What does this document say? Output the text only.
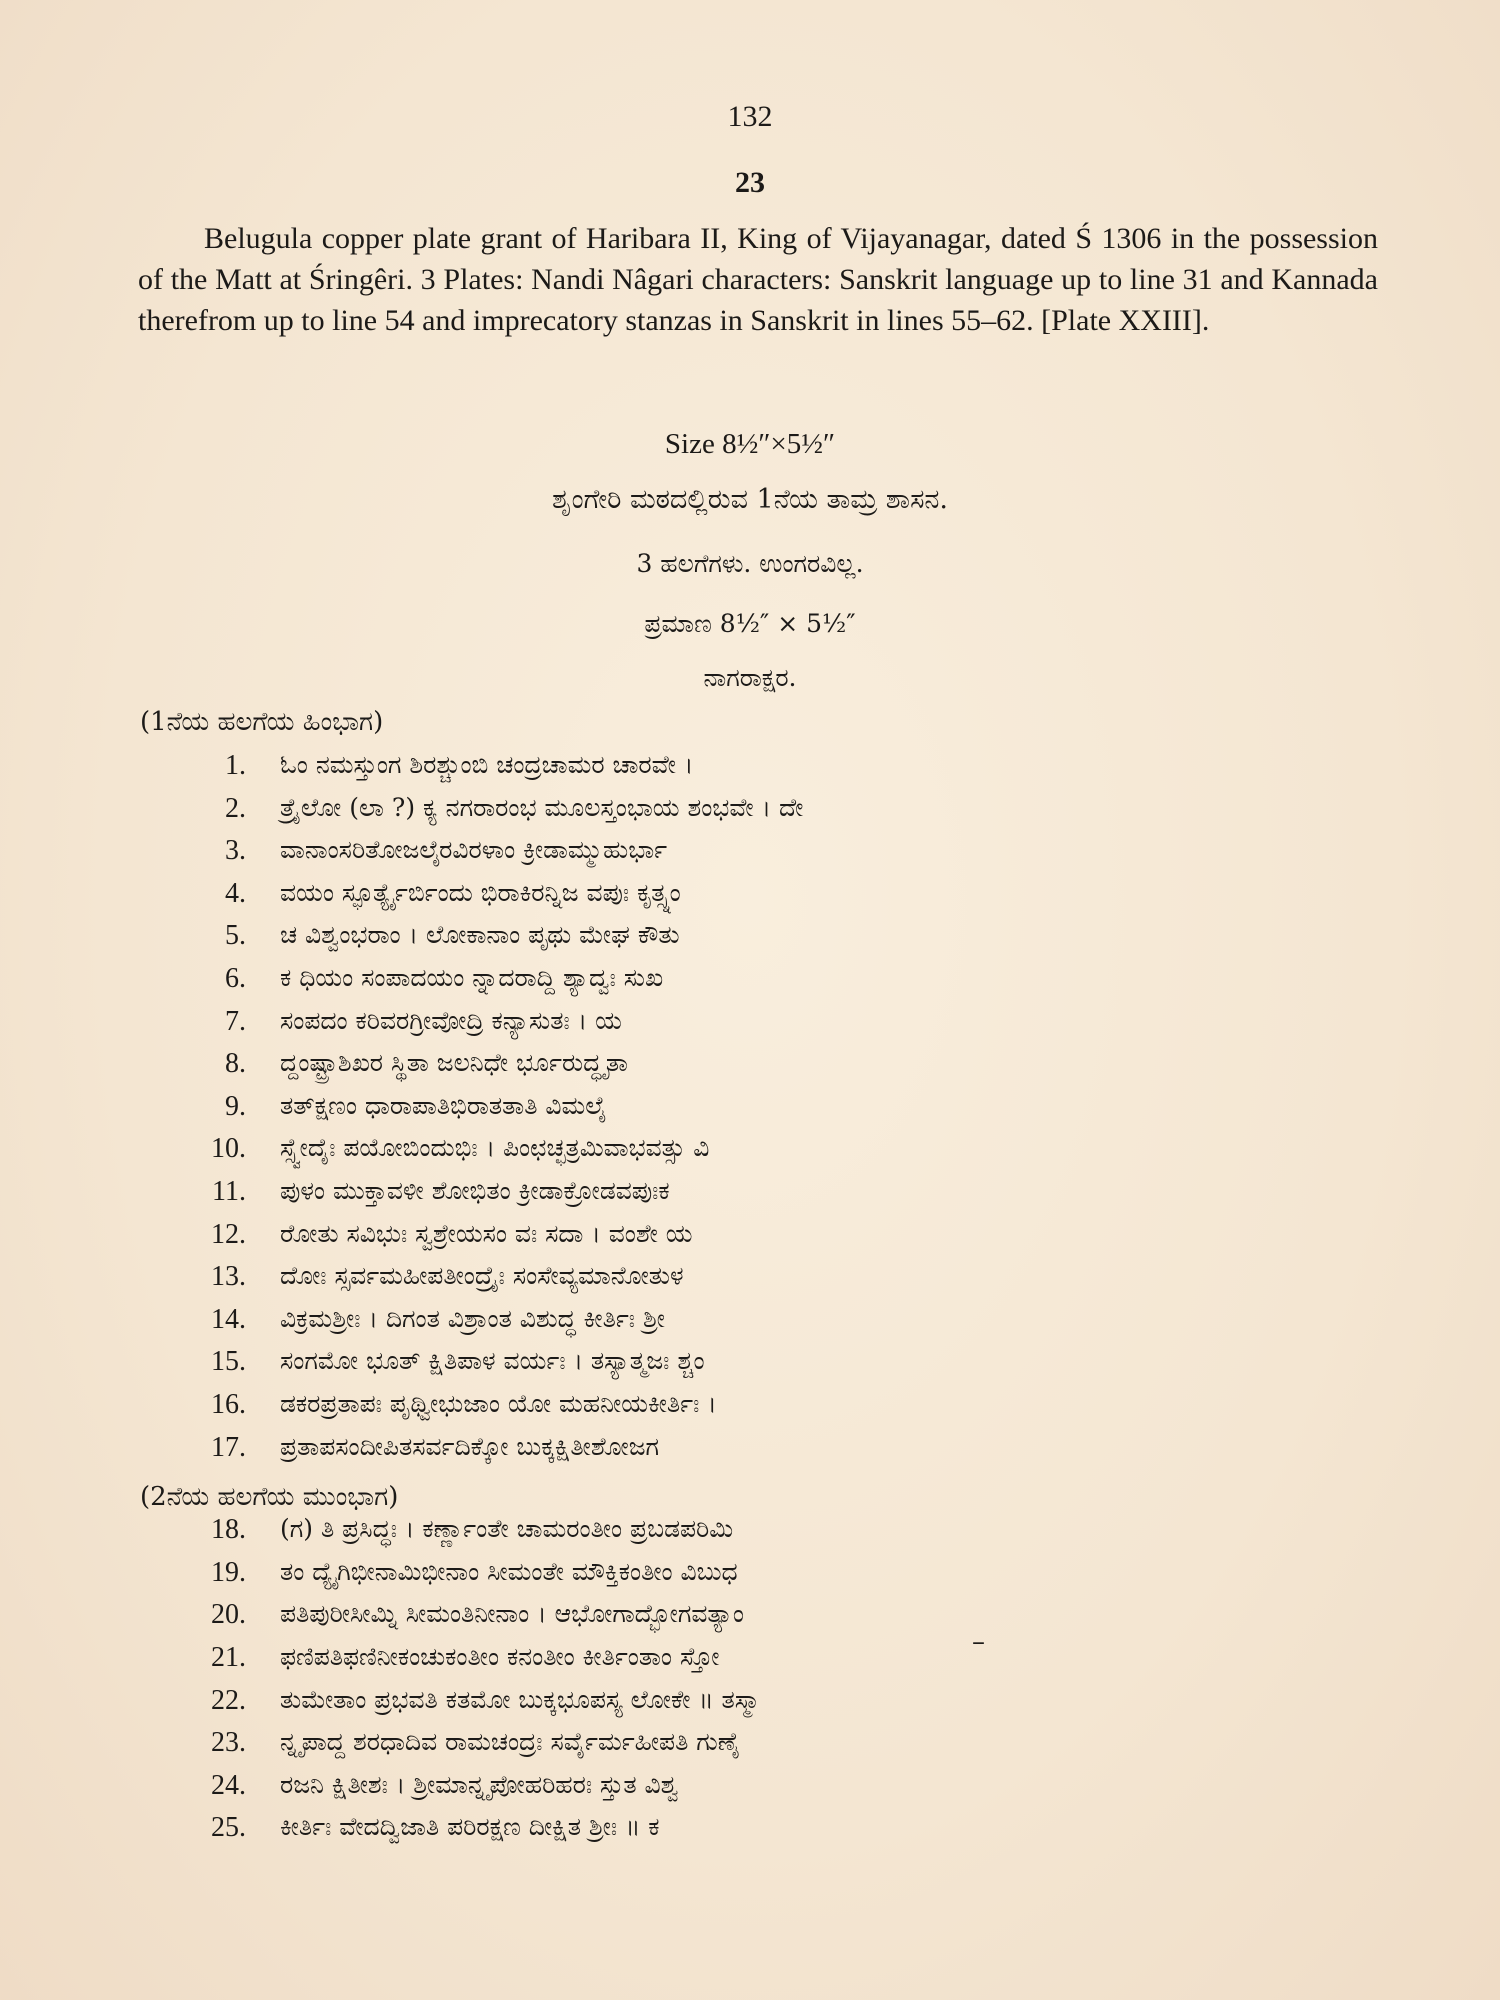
132
23
Belugula copper plate grant of Haribara II, King of Vijayanagar, dated Ś 1306 in the possession of the Matt at Śringêri. 3 Plates: Nandi Nâgari characters: Sanskrit language up to line 31 and Kannada therefrom up to line 54 and imprecatory stanzas in Sanskrit in lines 55–62. [Plate XXIII].
Size 8½″×5½″
ಶೃಂಗೇರಿ ಮಠದಲ್ಲಿರುವ 1ನೆಯ ತಾಮ್ರ ಶಾಸನ.
3 ಹಲಗೆಗಳು. ಉಂಗರವಿಲ್ಲ.
ಪ್ರಮಾಣ 8½″ × 5½″
ನಾಗರಾಕ್ಷರ.
(1ನೆಯ ಹಲಗೆಯ ಹಿಂಭಾಗ)
(2ನೆಯ ಹಲಗೆಯ ಮುಂಭಾಗ)
1. ಓಂ ನಮಸ್ತುಂಗ ಶಿರಶ್ಚುಂಬಿ ಚಂದ್ರಚಾಮರ ಚಾರವೇ ।
2. ತ್ರೈಲೋ (ಲಾ ?) ಕ್ಯ ನಗರಾರಂಭ ಮೂಲಸ್ತಂಭಾಯ ಶಂಭವೇ । ದೇ
3. ವಾನಾಂಸರಿತೋಜಲೈರವಿರಳಾಂ ಕ್ರೀಡಾಮ್ಮುಹುರ್ಭಾ
4. ವಯಂ ಸ್ಫೂರ್ತ್ಯೈರ್ಬಿಂದು ಭಿರಾಕಿರನ್ನಿಜ ವಪುಃ ಕೃತ್ಸ್ನಂ
5. ಚ ವಿಶ್ವಂಭರಾಂ । ಲೋಕಾನಾಂ ಪೃಥು ಮೇಘ ಕೌತು
6. ಕ ಧಿಯಂ ಸಂಪಾದಯಂ ನ್ನಾದರಾದ್ದಿ ಶ್ಯಾದ್ವಃ ಸುಖ
7. ಸಂಪದಂ ಕರಿವರಗ್ರೀವೋದ್ರಿ ಕನ್ಯಾಸುತಃ । ಯ
8. ದ್ದಂಷ್ಟ್ರಾಶಿಖರ ಸ್ಥಿತಾ ಜಲನಿಧೇ ರ್ಭೂರುದ್ಧೃತಾ
9. ತತ್ಕ್ಷಣಂ ಧಾರಾಪಾತಿಭಿರಾತತಾತಿ ವಿಮಲೈ
10. ಸ್ಸ್ವೇದೈಃ ಪಯೋಬಿಂದುಭಿಃ । ಪಿಂಛಚ್ಛತ್ರಮಿವಾಭವತ್ಸು ವಿ
11. ಪುಳಂ ಮುಕ್ತಾವಳೀ ಶೋಭಿತಂ ಕ್ರೀಡಾಕ್ರೋಡವಪುಃಕ
12. ರೋತು ಸವಿಭುಃ ಸ್ವಶ್ರೇಯಸಂ ವಃ ಸದಾ । ವಂಶೇ ಯ
13. ದೋಃ ಸ್ಸರ್ವಮಹೀಪತೀಂದ್ರೈಃ ಸಂಸೇವ್ಯಮಾನೋತುಳ
14. ವಿಕ್ರಮಶ್ರೀಃ । ದಿಗಂತ ವಿಶ್ರಾಂತ ವಿಶುದ್ಧ ಕೀರ್ತಿಃ ಶ್ರೀ
15. ಸಂಗಮೋ ಭೂತ್ ಕ್ಷಿತಿಪಾಳ ವರ್ಯಃ । ತಸ್ಯಾತ್ಮಜಃ ಶ್ಚಂ
16. ಡಕರಪ್ರತಾಪಃ ಪೃಥ್ವೀಭುಜಾಂ ಯೋ ಮಹನೀಯಕೀರ್ತಿಃ ।
17. ಪ್ರತಾಪಸಂದೀಪಿತಸರ್ವದಿಕ್ಕೋ ಬುಕ್ಕಕ್ಷಿತೀಶೋಜಗ
18. (ಗ) ತಿ ಪ್ರಸಿದ್ಧಃ । ಕರ್ಣ್ಣಾಂತೇ ಚಾಮರಂತೀಂ ಪ್ರಬಡಪರಿಮಿ
19. ತಂ ದ್ಯೈಗಿಭೀನಾಮಿಭೀನಾಂ ಸೀಮಂತೇ ಮೌಕ್ತಿಕಂತೀಂ ವಿಬುಧ
20. ಪತಿಪುರೀಸೀಮ್ನಿ ಸೀಮಂತಿನೀನಾಂ । ಆಭೋಗಾದ್ಭೋಗವತ್ಯಾಂ
21. ಫಣಿಪತಿಫಣಿನೀಕಂಚುಕಂತೀಂ ಕನಂತೀಂ ಕೀರ್ತಿಂತಾಂ ಸ್ತೋ
22. ತುಮೇತಾಂ ಪ್ರಭವತಿ ಕತಮೋ ಬುಕ್ಕಭೂಪಸ್ಯ ಲೋಕೇ ॥ ತಸ್ಮಾ
23. ನ್ನೃಪಾದ್ದ ಶರಧಾದಿವ ರಾಮಚಂದ್ರಃ ಸರ್ವೈರ್ಮಹೀಪತಿ ಗುಣೈ
24. ರಜನಿ ಕ್ಷಿತೀಶಃ । ಶ್ರೀಮಾನ್ನೃಪೋಹರಿಹರಃ ಸ್ತುತ ವಿಶ್ವ
25. ಕೀರ್ತಿಃ ವೇದದ್ವಿಜಾತಿ ಪರಿರಕ್ಷಣ ದೀಕ್ಷಿತ ಶ್ರೀಃ ॥ ಕ
–
